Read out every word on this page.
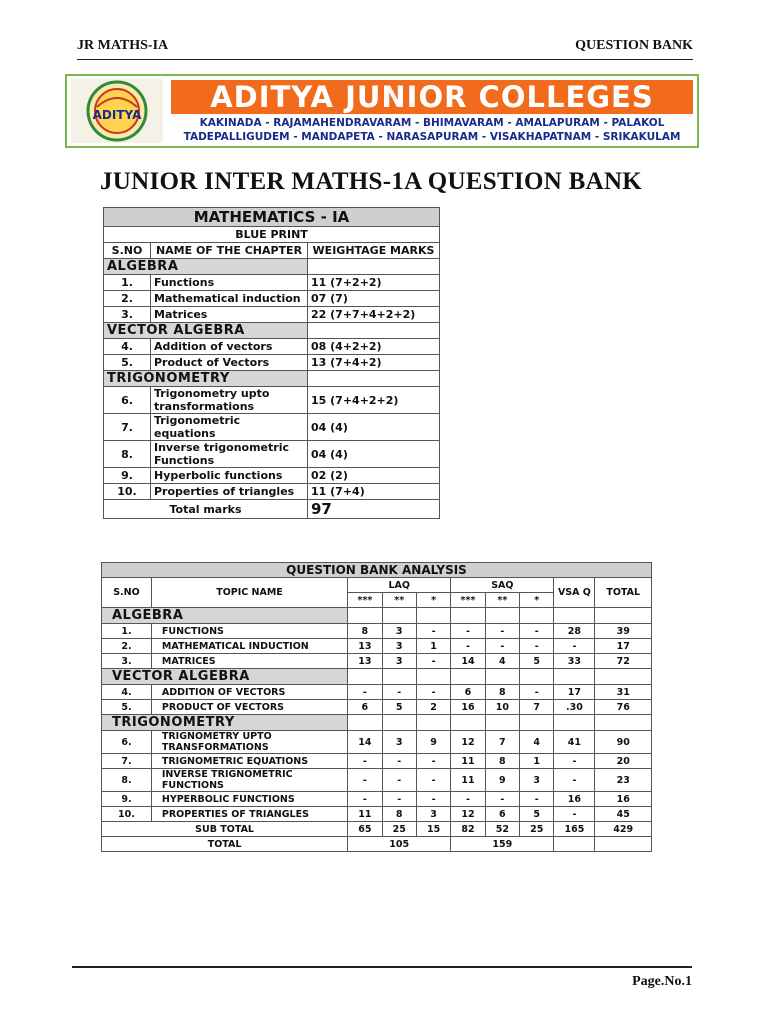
JR MATHS-IA	QUESTION BANK
ADITYA
ADITYA JUNIOR COLLEGES
KAKINADA - RAJAMAHENDRAVARAM - BHIMAVARAM - AMALAPURAM - PALAKOL
TADEPALLIGUDEM - MANDAPETA - NARASAPURAM - VISAKHAPATNAM - SRIKAKULAM
JUNIOR INTER MATHS-1A QUESTION BANK
MATHEMATICS - IA		
BLUE PRINT		
S.NO	NAME OF THE CHAPTER	WEIGHTAGE MARKS
ALGEBRA		
1.	Functions	11 (7+2+2)
2.	Mathematical induction	07 (7)
3.	Matrices	22 (7+7+4+2+2)
VECTOR ALGEBRA		
4.	Addition of vectors	08 (4+2+2)
5.	Product of Vectors	13 (7+4+2)
TRIGONOMETRY		
6.	Trigonometry upto transformations	15 (7+4+2+2)
7.	Trigonometric equations	04 (4)
8.	Inverse trigonometric Functions	04 (4)
9.	Hyperbolic functions	02 (2)
10.	Properties of triangles	11 (7+4)
Total marks		97
QUESTION BANK ANALYSIS									
S.NO	TOPIC NAME	LAQ			SAQ			VSA Q	TOTAL
		***	**	*	***	**	*		
ALGEBRA									
1.	FUNCTIONS	8	3	-	-	-	-	28	39
2.	MATHEMATICAL INDUCTION	13	3	1	-	-	-	-	17
3.	MATRICES	13	3	-	14	4	5	33	72
VECTOR ALGEBRA									
4.	ADDITION OF VECTORS	-	-	-	6	8	-	17	31
5.	PRODUCT OF VECTORS	6	5	2	16	10	7	.30	76
TRIGONOMETRY									
6.	TRIGNOMETRY UPTO TRANSFORMATIONS	14	3	9	12	7	4	41	90
7.	TRIGNOMETRIC EQUATIONS	-	-	-	11	8	1	-	20
8.	INVERSE TRIGNOMETRIC FUNCTIONS	-	-	-	11	9	3	-	23
9.	HYPERBOLIC FUNCTIONS	-	-	-	-	-	-	16	16
10.	PROPERTIES OF TRIANGLES	11	8	3	12	6	5	-	45
SUB TOTAL		65	25	15	82	52	25	165	429
TOTAL		105			159				
Page.No.1
